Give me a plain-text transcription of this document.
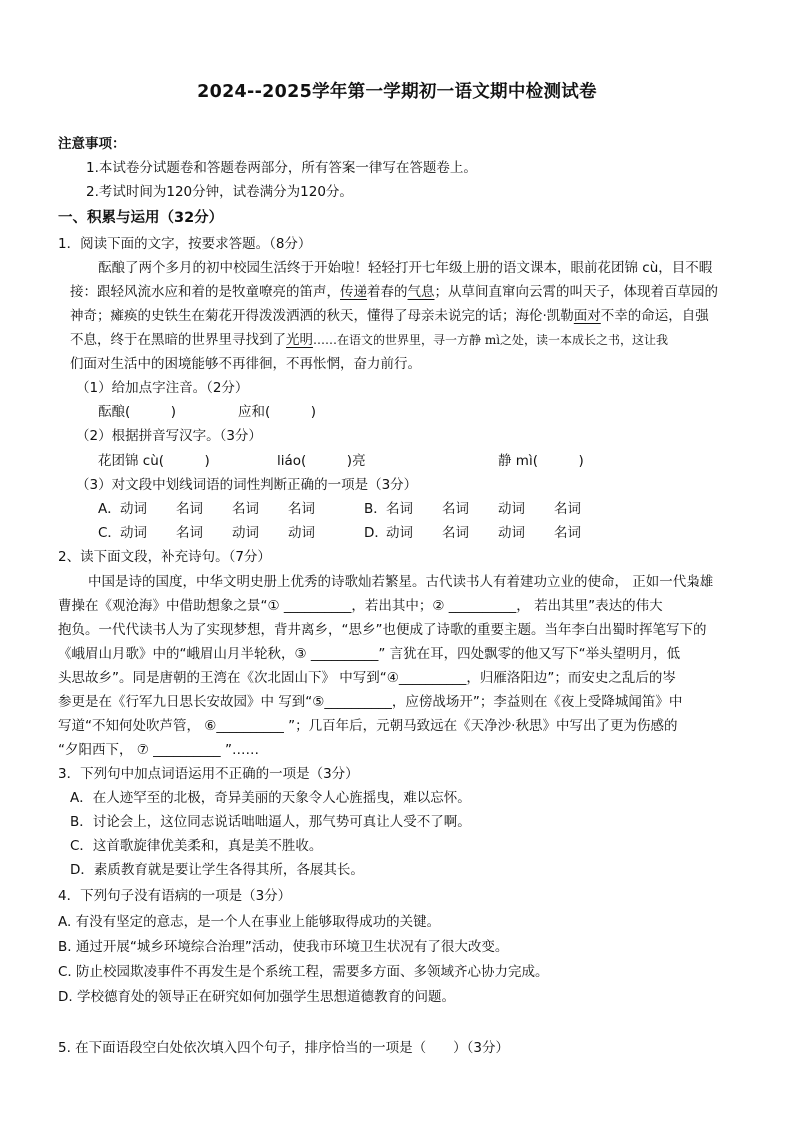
2024--2025学年第一学期初一语文期中检测试卷
注意事项：
1.本试卷分试题卷和答题卷两部分，所有答案一律写在答题卷上。
2.考试时间为120分钟，试卷满分为120分。
一、积累与运用（32分）
1．阅读下面的文字，按要求答题。（8分）
酝酿了两个多月的初中校园生活终于开始啦！轻轻打开七年级上册的语文课本，眼前花团锦 cù，目不暇
接：跟轻风流水应和着的是牧童嘹亮的笛声，传递着春的气息；从草间直窜向云霄的叫天子，体现着百草园的
神奇；瘫痪的史铁生在菊花开得泼泼洒洒的秋天，懂得了母亲未说完的话；海伦·凯勒面对不幸的命运，自强
不息，终于在黑暗的世界里寻找到了光明……在语文的世界里，寻一方静 mì之处，读一本成长之书，这让我
们面对生活中的困境能够不再徘徊，不再怅惘，奋力前行。
（1）给加点字注音。（2分）
酝酿(　　　)	应和(　　　)
（2）根据拼音写汉字。（3分）
花团锦 cù(　　　)	liáo(　　　)亮	静 mì(　　　)
（3）对文段中划线词语的词性判断正确的一项是（3分）
A．动词 名词 名词 名词	B．名词 名词 动词 名词
C．动词 名词 动词 动词	D．动词 名词 动词 名词
2、读下面文段，补充诗句。（7分）
中国是诗的国度，中华文明史册上优秀的诗歌灿若繁星。古代读书人有着建功立业的使命， 正如一代枭雄
曹操在《观沧海》中借助想象之景“① __________，若出其中；② __________， 若出其里”表达的伟大
抱负。一代代读书人为了实现梦想，背井离乡，“思乡”也便成了诗歌的重要主题。当年李白出蜀时挥笔写下的
《峨眉山月歌》中的“峨眉山月半轮秋，③ __________” 言犹在耳，四处飘零的他又写下“举头望明月，低
头思故乡”。同是唐朝的王湾在《次北固山下》 中写到“④__________，归雁洛阳边”；而安史之乱后的岑
参更是在《行军九日思长安故园》中 写到“⑤__________，应傍战场开”；李益则在《夜上受降城闻笛》中
写道“不知何处吹芦管， ⑥__________ ”；几百年后，元朝马致远在《天净沙·秋思》中写出了更为伤感的
“夕阳西下， ⑦ __________ ”……
3．下列句中加点词语运用不正确的一项是（3分）
A．在人迹罕至的北极，奇异美丽的天象令人心旌摇曳，难以忘怀。
B．讨论会上，这位同志说话咄咄逼人，那气势可真让人受不了啊。
C．这首歌旋律优美柔和，真是美不胜收。
D．素质教育就是要让学生各得其所，各展其长。
4．下列句子没有语病的一项是（3分）
A. 有没有坚定的意志，是一个人在事业上能够取得成功的关键。
B. 通过开展“城乡环境综合治理”活动，使我市环境卫生状况有了很大改变。
C. 防止校园欺凌事件不再发生是个系统工程，需要多方面、多领域齐心协力完成。
D. 学校德育处的领导正在研究如何加强学生思想道德教育的问题。
5. 在下面语段空白处依次填入四个句子，排序恰当的一项是（　　）（3分）
